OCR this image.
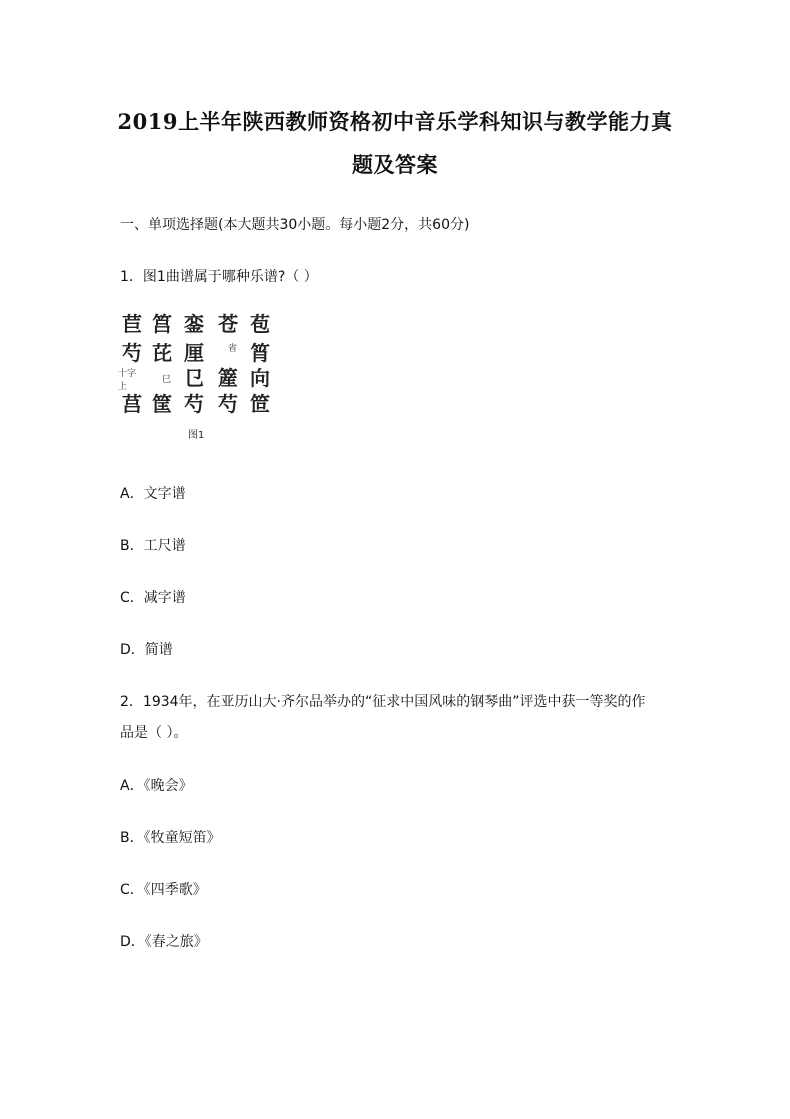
2019上半年陕西教师资格初中音乐学科知识与教学能力真
题及答案
一、单项选择题(本大题共30小题。每小题2分，共60分)
1．图1曲谱属于哪种乐谱?（ ）
苣
芍
十字上
莒
筥
芘
巳
筐
銮
厘
㔾
芍
苍
省
簅
芍
苞
筲
向
笸
图1
A．文字谱
B．工尺谱
C．减字谱
D．简谱
2．1934年，在亚历山大·齐尔品举办的“征求中国风味的钢琴曲”评选中获一等奖的作
品是（ ）。
A．《晚会》
B．《牧童短笛》
C．《四季歌》
D．《春之旅》
